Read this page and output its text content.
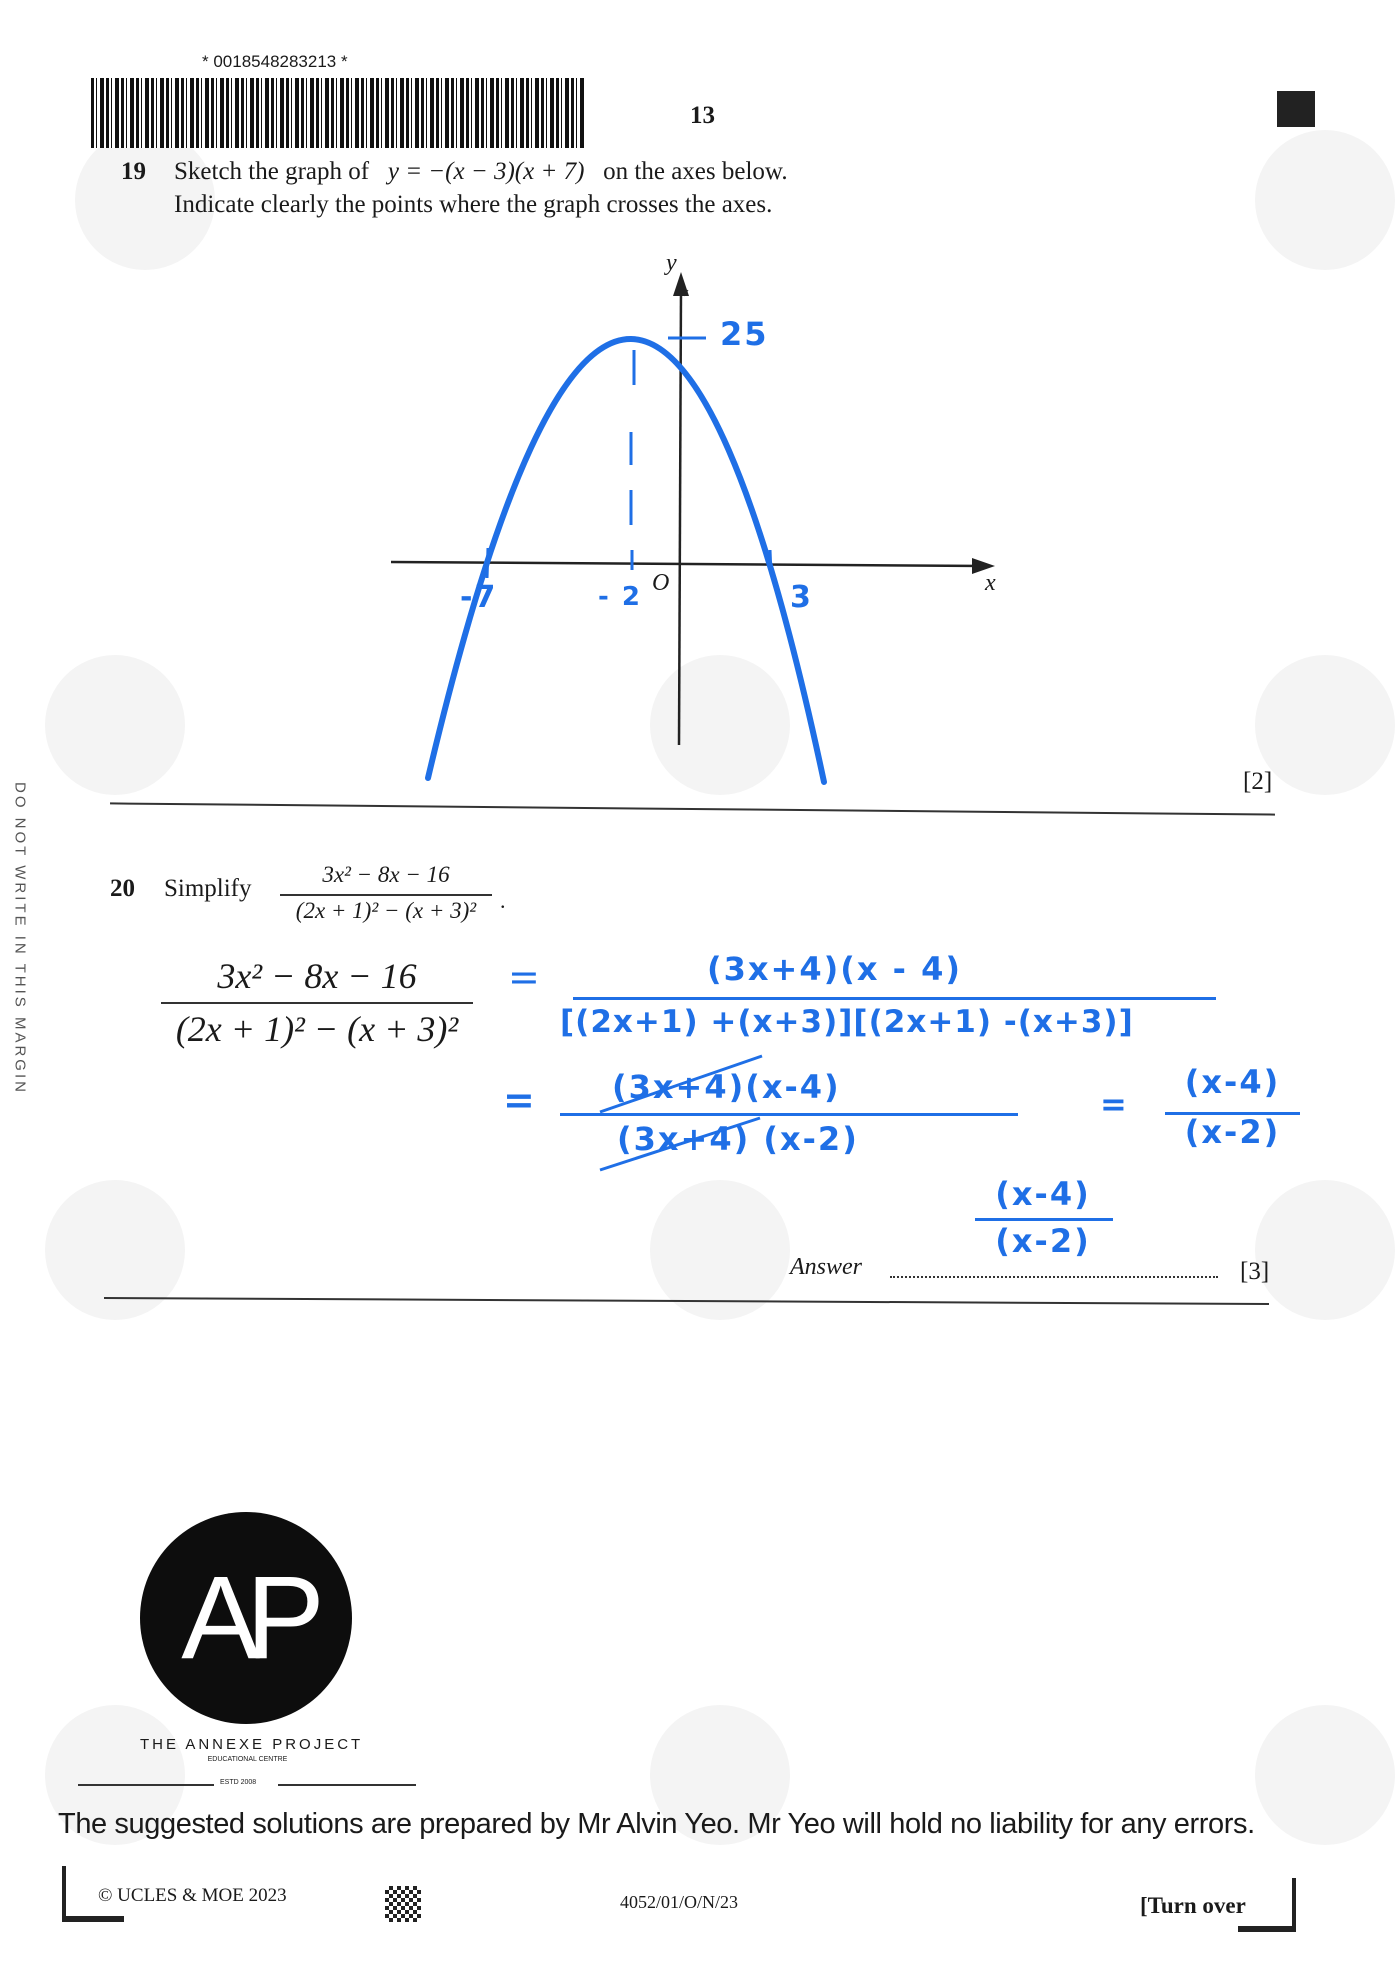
DO NOT WRITE IN THIS MARGIN
* 0018548283213 *
13
19 Sketch the graph of y = −(x − 3)(x + 7) on the axes below.
Indicate clearly the points where the graph crosses the axes.
y
x
O
25
-7	- 2	3
[2]
20 Simplify
3x² − 8x − 16
(2x + 1)² − (x + 3)²	.
3x² − 8x − 16
(2x + 1)² − (x + 3)²
=	(3x+4)(x - 4)
[(2x+1) +(x+3)][(2x+1) -(x+3)]
= (3x+4)(x-4)
(3x+4) (x-2)
=
(x-4)
(x-2)
(x-4)
(x-2)
Answer	[3]
AP
THE ANNEXE PROJECT
EDUCATIONAL CENTRE
ESTD 2008
The suggested solutions are prepared by Mr Alvin Yeo. Mr Yeo will hold no liability for any errors.
© UCLES & MOE 2023	4052/01/O/N/23	[Turn over
